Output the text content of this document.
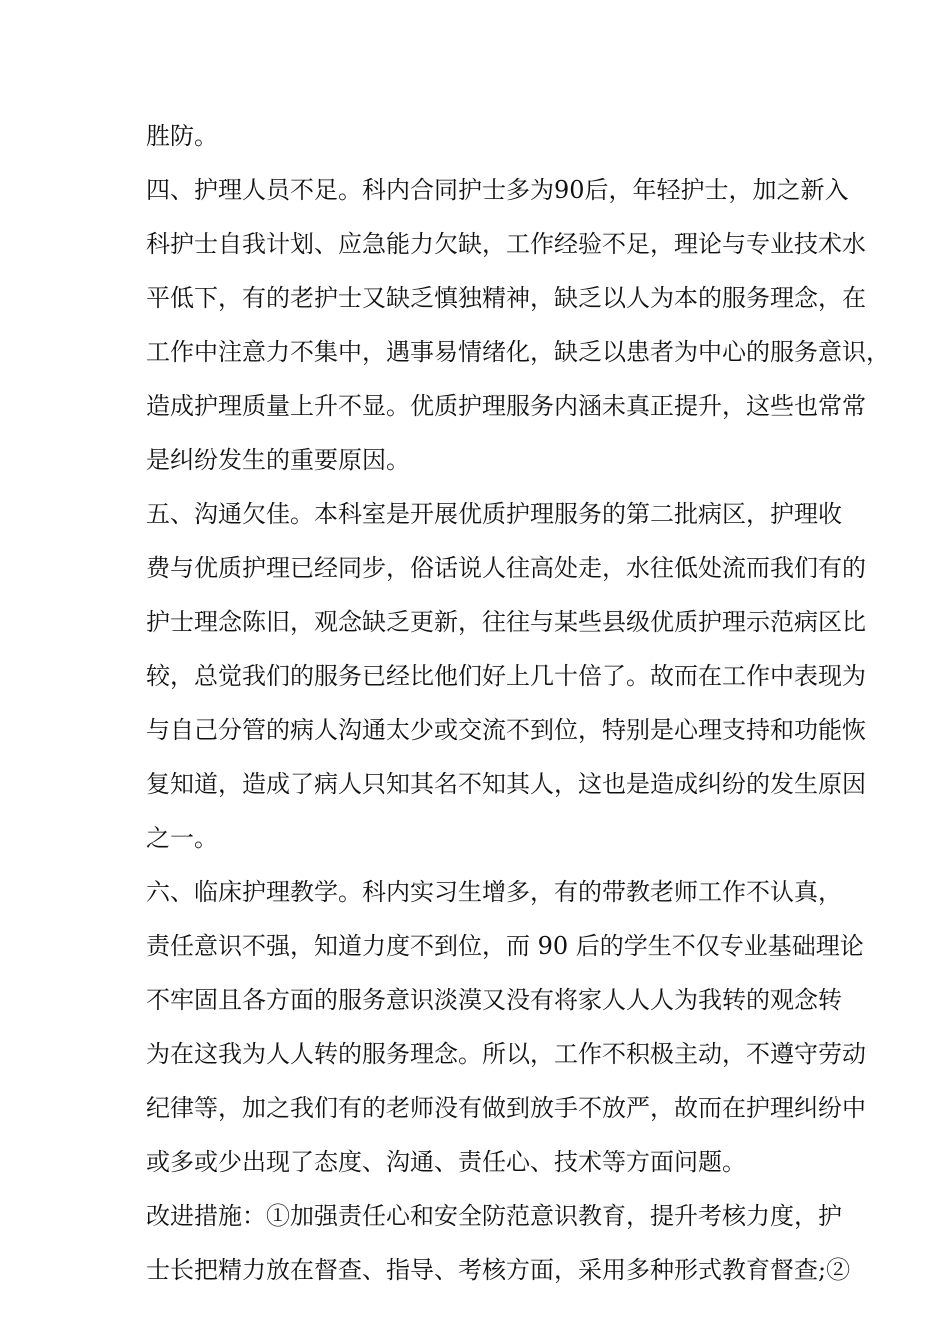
胜防。
四、护理人员不足。科内合同护士多为90后，年轻护士，加之新入
科护士自我计划、应急能力欠缺，工作经验不足，理论与专业技术水
平低下，有的老护士又缺乏慎独精神，缺乏以人为本的服务理念，在
工作中注意力不集中，遇事易情绪化，缺乏以患者为中心的服务意识，
造成护理质量上升不显。优质护理服务内涵未真正提升，这些也常常
是纠纷发生的重要原因。
五、沟通欠佳。本科室是开展优质护理服务的第二批病区，护理收
费与优质护理已经同步，俗话说人往高处走，水往低处流而我们有的
护士理念陈旧，观念缺乏更新，往往与某些县级优质护理示范病区比
较，总觉我们的服务已经比他们好上几十倍了。故而在工作中表现为
与自己分管的病人沟通太少或交流不到位，特别是心理支持和功能恢
复知道，造成了病人只知其名不知其人，这也是造成纠纷的发生原因
之一。
六、临床护理教学。科内实习生增多，有的带教老师工作不认真，
责任意识不强，知道力度不到位，而 90 后的学生不仅专业基础理论
不牢固且各方面的服务意识淡漠又没有将家人人人为我转的观念转
为在这我为人人转的服务理念。所以，工作不积极主动，不遵守劳动
纪律等，加之我们有的老师没有做到放手不放严，故而在护理纠纷中
或多或少出现了态度、沟通、责任心、技术等方面问题。
改进措施：①加强责任心和安全防范意识教育，提升考核力度，护
士长把精力放在督查、指导、考核方面，采用多种形式教育督查;②
